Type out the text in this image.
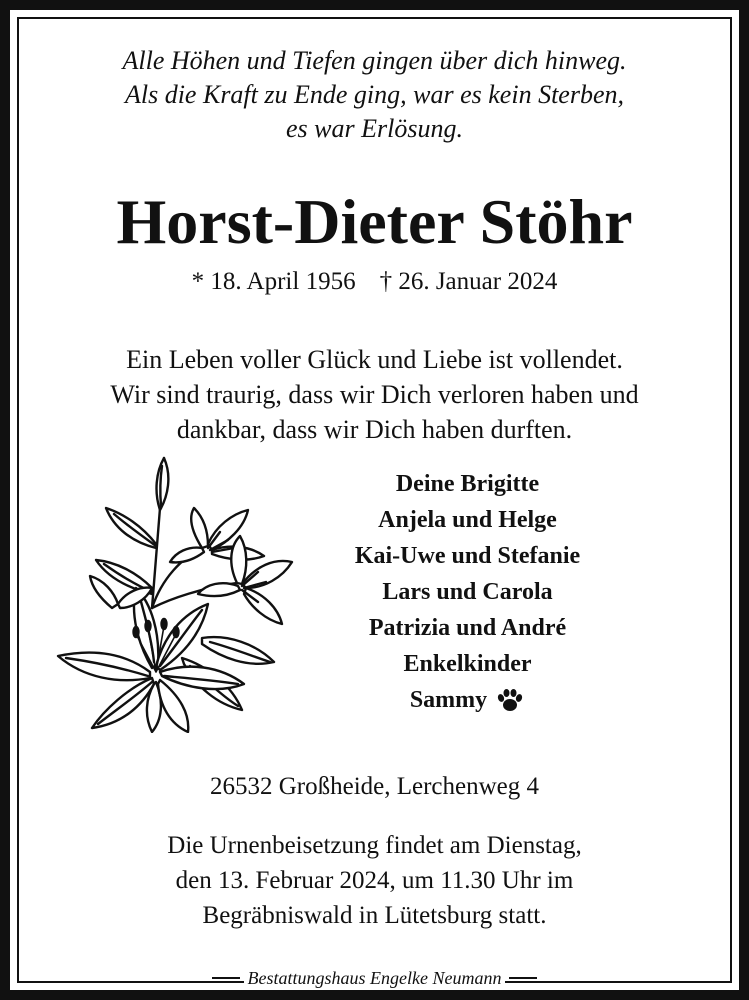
Alle Höhen und Tiefen gingen über dich hinweg.
Als die Kraft zu Ende ging, war es kein Sterben,
es war Erlösung.
Horst-Dieter Stöhr
* 18. April 1956 † 26. Januar 2024
Ein Leben voller Glück und Liebe ist vollendet.
Wir sind traurig, dass wir Dich verloren haben und
dankbar, dass wir Dich haben durften.
Deine Brigitte
Anjela und Helge
Kai-Uwe und Stefanie
Lars und Carola
Patrizia und André
Enkelkinder
Sammy
26532 Großheide, Lerchenweg 4
Die Urnenbeisetzung findet am Dienstag,
den 13. Februar 2024, um 11.30 Uhr im
Begräbniswald in Lütetsburg statt.
Bestattungshaus Engelke Neumann
